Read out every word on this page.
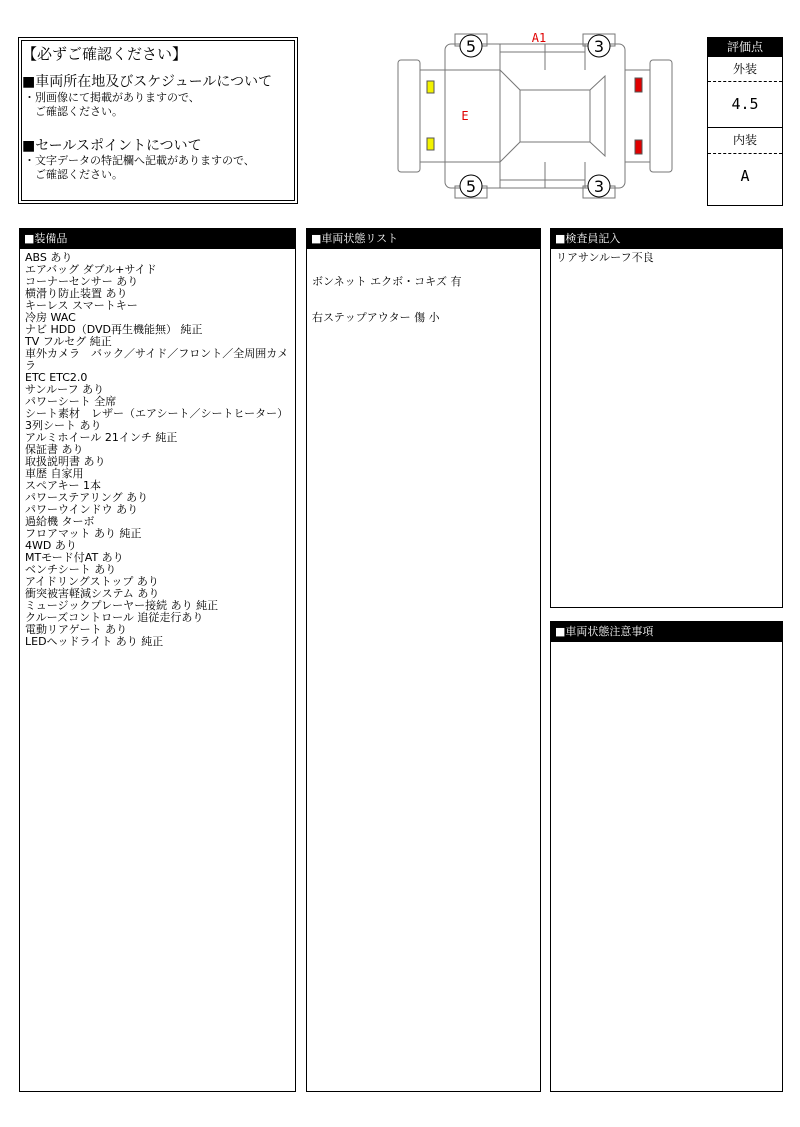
【必ずご確認ください】
■車両所在地及びスケジュールについて
・別画像にて掲載がありますので、
　ご確認ください。
■セールスポイントについて
・文字データの特記欄へ記載がありますので、
　ご確認ください。
5	3
5	3
A1
E
評価点
外装
4.5
内装
A
■装備品
ABS あり
エアバッグ ダブル+サイド
コーナーセンサー あり
横滑り防止装置 あり
キーレス スマートキー
冷房 WAC
ナビ HDD（DVD再生機能無） 純正
TV フルセグ 純正
車外カメラ　バック／サイド／フロント／全周囲カメラ
ETC ETC2.0
サンルーフ あり
パワーシート 全席
シート素材　レザー（エアシート／シートヒーター）
3列シート あり
アルミホイール 21インチ 純正
保証書 あり
取扱説明書 あり
車歴 自家用
スペアキー 1本
パワーステアリング あり
パワーウインドウ あり
過給機 ターボ
フロアマット あり 純正
4WD あり
MTモード付AT あり
ベンチシート あり
アイドリングストップ あり
衝突被害軽減システム あり
ミュージックプレーヤー接続 あり 純正
クルーズコントロール 追従走行あり
電動リアゲート あり
LEDヘッドライト あり 純正
■車両状態リスト

ボンネット エクボ・コキズ 有

右ステップアウター 傷 小

■検査員記入
リアサンルーフ不良
■車両状態注意事項
